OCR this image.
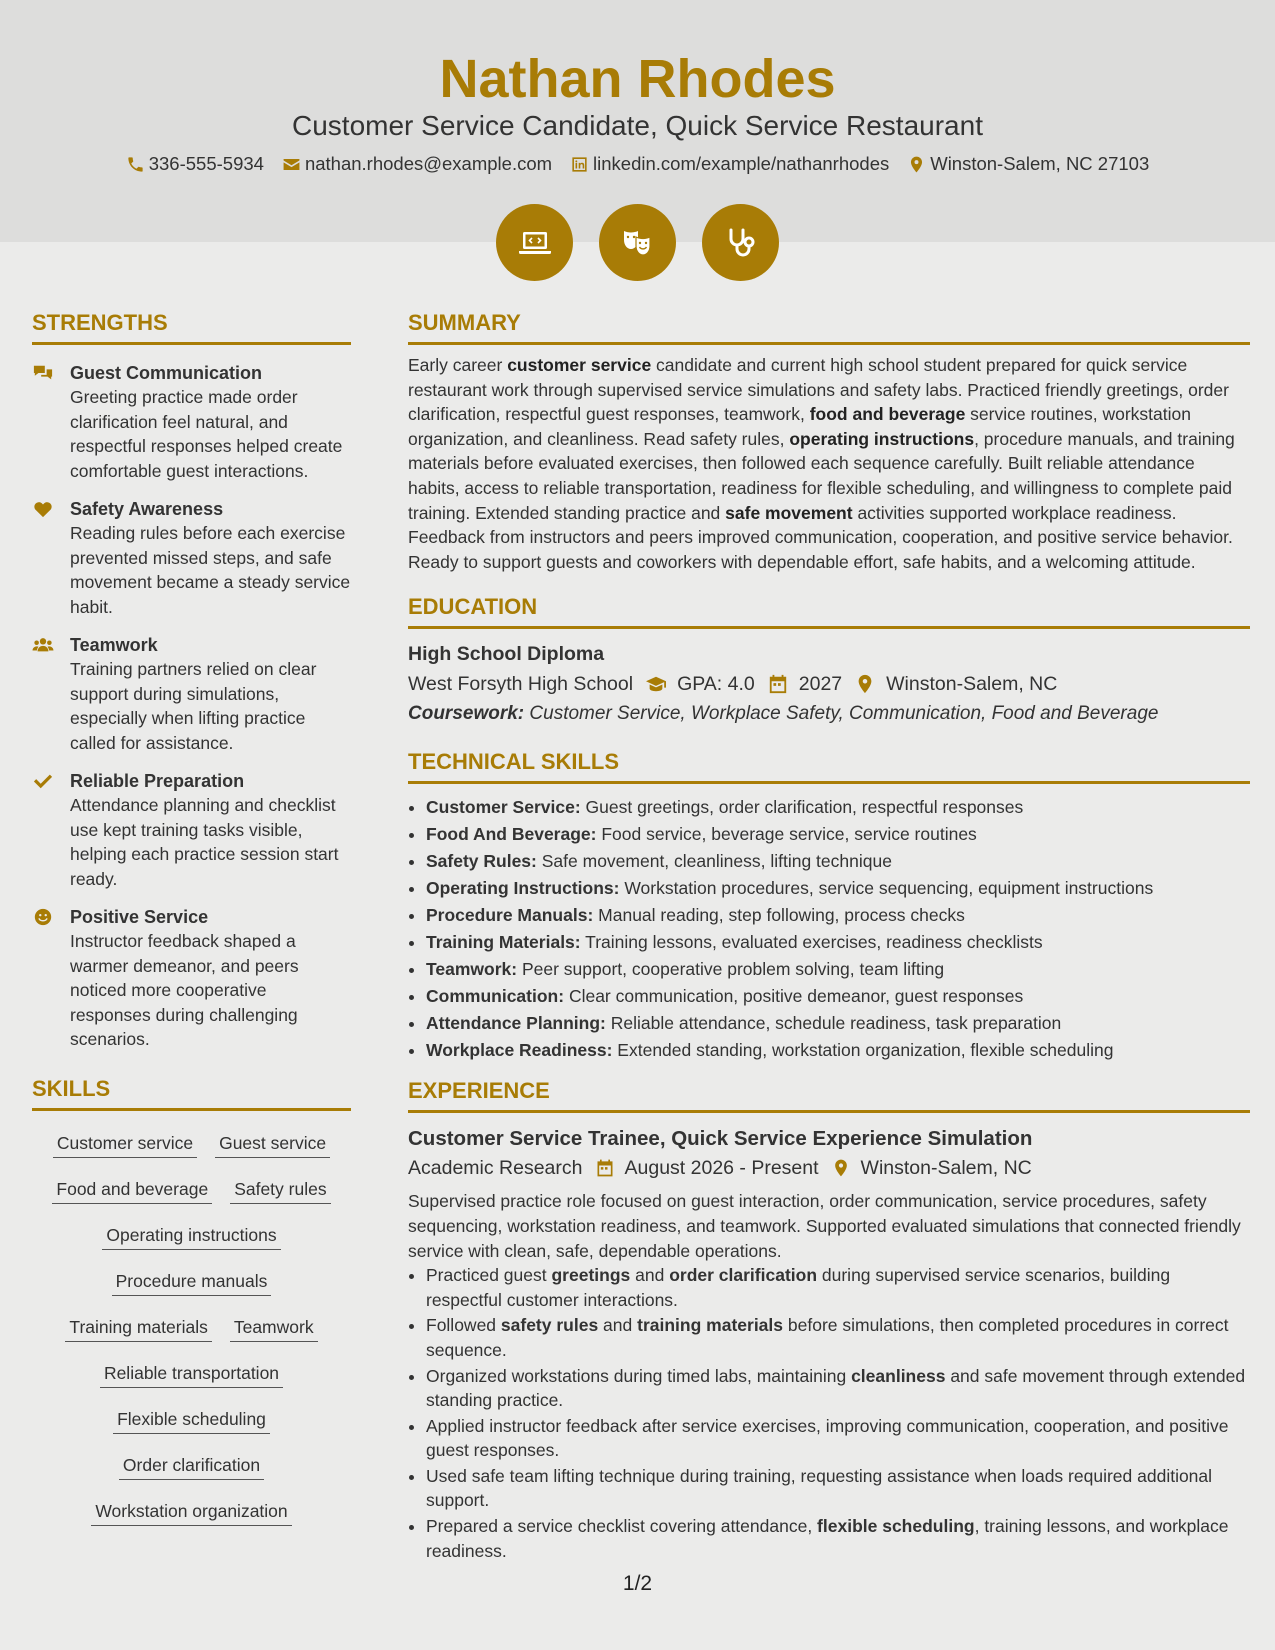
Nathan Rhodes
Customer Service Candidate, Quick Service Restaurant
336-555-5934 nathan.rhodes@example.com linkedin.com/example/nathanrhodes Winston-Salem, NC 27103
STRENGTHS
Guest Communication
Greeting practice made order clarification feel natural, and respectful responses helped create comfortable guest interactions.
Safety Awareness
Reading rules before each exercise prevented missed steps, and safe movement became a steady service habit.
Teamwork
Training partners relied on clear support during simulations, especially when lifting practice called for assistance.
Reliable Preparation
Attendance planning and checklist use kept training tasks visible, helping each practice session start ready.
Positive Service
Instructor feedback shaped a warmer demeanor, and peers noticed more cooperative responses during challenging scenarios.
SKILLS
Customer service Guest service
Food and beverage Safety rules
Operating instructions
Procedure manuals
Training materials Teamwork
Reliable transportation
Flexible scheduling
Order clarification
Workstation organization
SUMMARY
Early career customer service candidate and current high school student prepared for quick service restaurant work through supervised service simulations and safety labs. Practiced friendly greetings, order clarification, respectful guest responses, teamwork, food and beverage service routines, workstation organization, and cleanliness. Read safety rules, operating instructions, procedure manuals, and training materials before evaluated exercises, then followed each sequence carefully. Built reliable attendance habits, access to reliable transportation, readiness for flexible scheduling, and willingness to complete paid training. Extended standing practice and safe movement activities supported workplace readiness. Feedback from instructors and peers improved communication, cooperation, and positive service behavior. Ready to support guests and coworkers with dependable effort, safe habits, and a welcoming attitude.
EDUCATION
High School Diploma
West Forsyth High School GPA: 4.0 2027 Winston-Salem, NC
Coursework: Customer Service, Workplace Safety, Communication, Food and Beverage
TECHNICAL SKILLS
• Customer Service: Guest greetings, order clarification, respectful responses
• Food And Beverage: Food service, beverage service, service routines
• Safety Rules: Safe movement, cleanliness, lifting technique
• Operating Instructions: Workstation procedures, service sequencing, equipment instructions
• Procedure Manuals: Manual reading, step following, process checks
• Training Materials: Training lessons, evaluated exercises, readiness checklists
• Teamwork: Peer support, cooperative problem solving, team lifting
• Communication: Clear communication, positive demeanor, guest responses
• Attendance Planning: Reliable attendance, schedule readiness, task preparation
• Workplace Readiness: Extended standing, workstation organization, flexible scheduling
EXPERIENCE
Customer Service Trainee, Quick Service Experience Simulation
Academic Research August 2026 - Present Winston-Salem, NC
Supervised practice role focused on guest interaction, order communication, service procedures, safety sequencing, workstation readiness, and teamwork. Supported evaluated simulations that connected friendly service with clean, safe, dependable operations.
• Practiced guest greetings and order clarification during supervised service scenarios, building respectful customer interactions.
• Followed safety rules and training materials before simulations, then completed procedures in correct sequence.
• Organized workstations during timed labs, maintaining cleanliness and safe movement through extended standing practice.
• Applied instructor feedback after service exercises, improving communication, cooperation, and positive guest responses.
• Used safe team lifting technique during training, requesting assistance when loads required additional support.
• Prepared a service checklist covering attendance, flexible scheduling, training lessons, and workplace readiness.
1/2
